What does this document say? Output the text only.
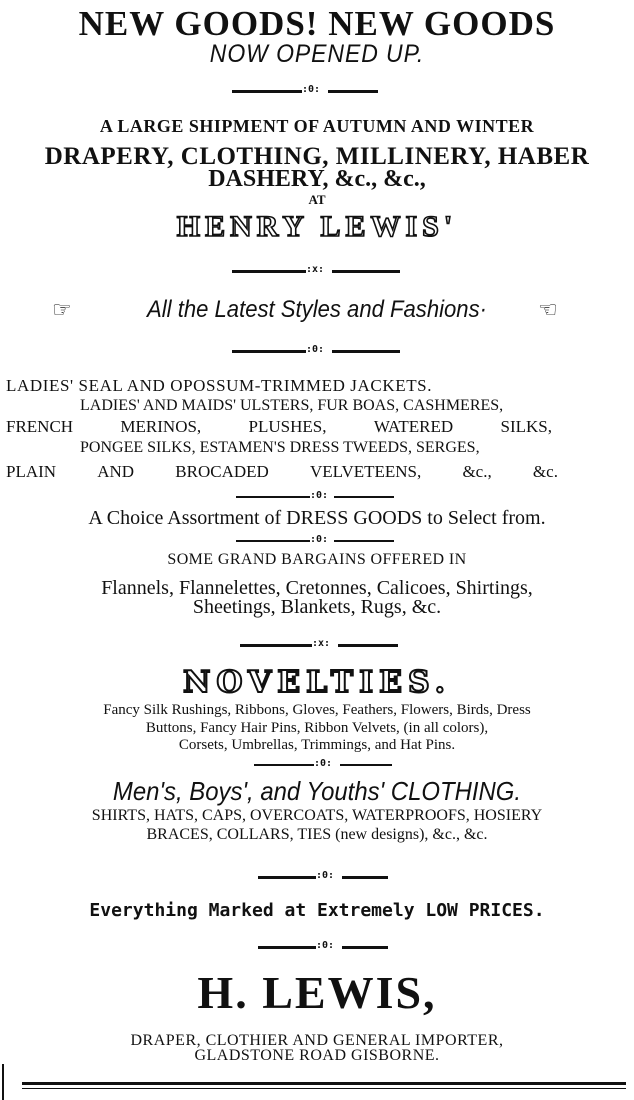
NEW GOODS! NEW GOODS
NOW OPENED UP.
:0:
A LARGE SHIPMENT OF AUTUMN AND WINTER
DRAPERY, CLOTHING, MILLINERY, HABER
DASHERY, &c., &c.,
AT
HENRY LEWIS'
:x:
☞	All the Latest Styles and Fashions·	☞
:0:
LADIES' SEAL AND OPOSSUM-TRIMMED JACKETS.
LADIES' AND MAIDS' ULSTERS, FUR BOAS, CASHMERES,
FRENCH	MERINOS,	PLUSHES,	WATERED	SILKS,
PONGEE SILKS, ESTAMEN'S DRESS TWEEDS, SERGES,
PLAIN AND BROCADED VELVETEENS, &c., &c.
:0:
A Choice Assortment of DRESS GOODS to Select from.
:0:
SOME GRAND BARGAINS OFFERED IN
Flannels, Flannelettes, Cretonnes, Calicoes, Shirtings,
Sheetings, Blankets, Rugs, &c.
:x:
NOVELTIES.
Fancy Silk Rushings, Ribbons, Gloves, Feathers, Flowers, Birds, Dress
Buttons, Fancy Hair Pins, Ribbon Velvets, (in all colors),
Corsets, Umbrellas, Trimmings, and Hat Pins.
:0:
Men's, Boys', and Youths' CLOTHING.
SHIRTS, HATS, CAPS, OVERCOATS, WATERPROOFS, HOSIERY
BRACES, COLLARS, TIES (new designs), &c., &c.
:0:
Everything Marked at Extremely LOW PRICES.
:0:
H. LEWIS,
DRAPER, CLOTHIER AND GENERAL IMPORTER,
GLADSTONE ROAD GISBORNE.
